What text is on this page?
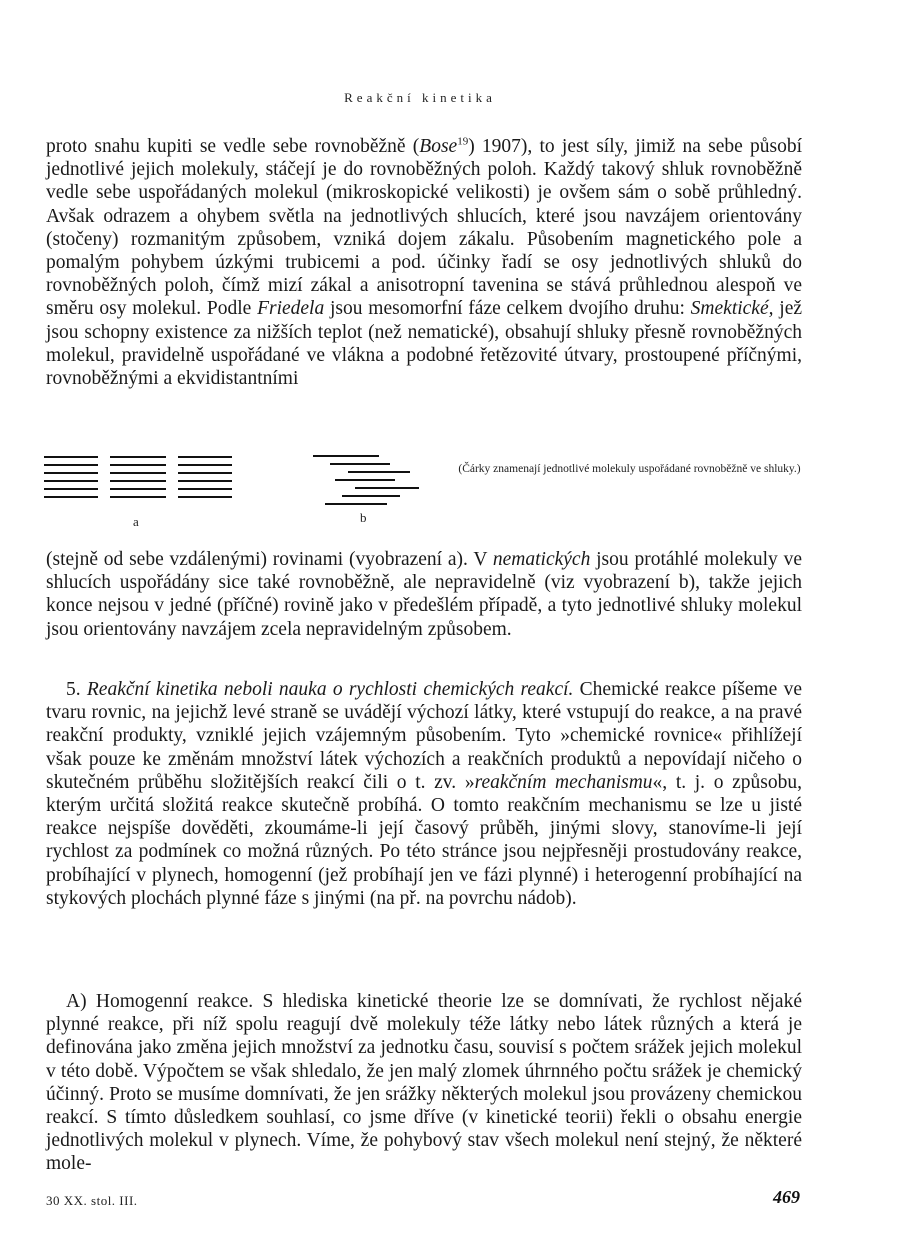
Reakční kinetika

proto snahu kupiti se vedle sebe rovnoběžně (Bose$^{19}$) 1907), to jest síly, jimiž na sebe působí jednotlivé jejich molekuly, stáčejí je do rovnoběžných poloh. Každý takový shluk rovnoběžně vedle sebe uspořádaných molekul (mikroskopické velikosti) je ovšem sám o sobě průhledný. Avšak odrazem a ohybem světla na jednotlivých shlucích, které jsou navzájem orientovány (stočeny) rozmanitým způsobem, vzniká dojem zákalu. Působením magnetického pole a pomalým pohybem úzkými trubicemi a pod. účinky řadí se osy jednotlivých shluků do rovnoběžných poloh, čímž mizí zákal a anisotropní tavenina se stává průhlednou alespoň ve směru osy molekul. Podle Friedela jsou mesomorfní fáze celkem dvojího druhu: Smektické, jež jsou schopny existence za nižších teplot (než nematické), obsahují shluky přesně rovnoběžných molekul, pravidelně uspořádané ve vlákna a podobné řetězovité útvary, prostoupené příčnými, rovnoběžnými a ekvidistantními

a	b
(Čárky znamenají jednotlivé molekuly uspořádané rovnoběžně ve shluky.)

(stejně od sebe vzdálenými) rovinami (vyobrazení a). V nematických jsou protáhlé molekuly ve shlucích uspořádány sice také rovnoběžně, ale nepravidelně (viz vyobrazení b), takže jejich konce nejsou v jedné (příčné) rovině jako v předešlém případě, a tyto jednotlivé shluky molekul jsou orientovány navzájem zcela nepravidelným způsobem.

5. Reakční kinetika neboli nauka o rychlosti chemických reakcí. Chemické reakce píšeme ve tvaru rovnic, na jejichž levé straně se uvádějí výchozí látky, které vstupují do reakce, a na pravé reakční produkty, vzniklé jejich vzájemným působením. Tyto »chemické rovnice« přihlížejí však pouze ke změnám množství látek výchozích a reakčních produktů a nepovídají ničeho o skutečném průběhu složitějších reakcí čili o t. zv. »reakčním mechanismu«, t. j. o způsobu, kterým určitá složitá reakce skutečně probíhá. O tomto reakčním mechanismu se lze u jisté reakce nejspíše dověděti, zkoumáme-li její časový průběh, jinými slovy, stanovíme-li její rychlost za podmínek co možná různých. Po této stránce jsou nejpřesněji prostudovány reakce, probíhající v plynech, homogenní (jež probíhají jen ve fázi plynné) i heterogenní probíhající na stykových plochách plynné fáze s jinými (na př. na povrchu nádob).

A) Homogenní reakce. S hlediska kinetické theorie lze se domnívati, že rychlost nějaké plynné reakce, při níž spolu reagují dvě molekuly téže látky nebo látek různých a která je definována jako změna jejich množství za jednotku času, souvisí s počtem srážek jejich molekul v této době. Výpočtem se však shledalo, že jen malý zlomek úhrnného počtu srážek je chemický účinný. Proto se musíme domnívati, že jen srážky některých molekul jsou provázeny chemickou reakcí. S tímto důsledkem souhlasí, co jsme dříve (v kinetické teorii) řekli o obsahu energie jednotlivých molekul v plynech. Víme, že pohybový stav všech molekul není stejný, že některé mole-

30 XX. stol. III.	469
